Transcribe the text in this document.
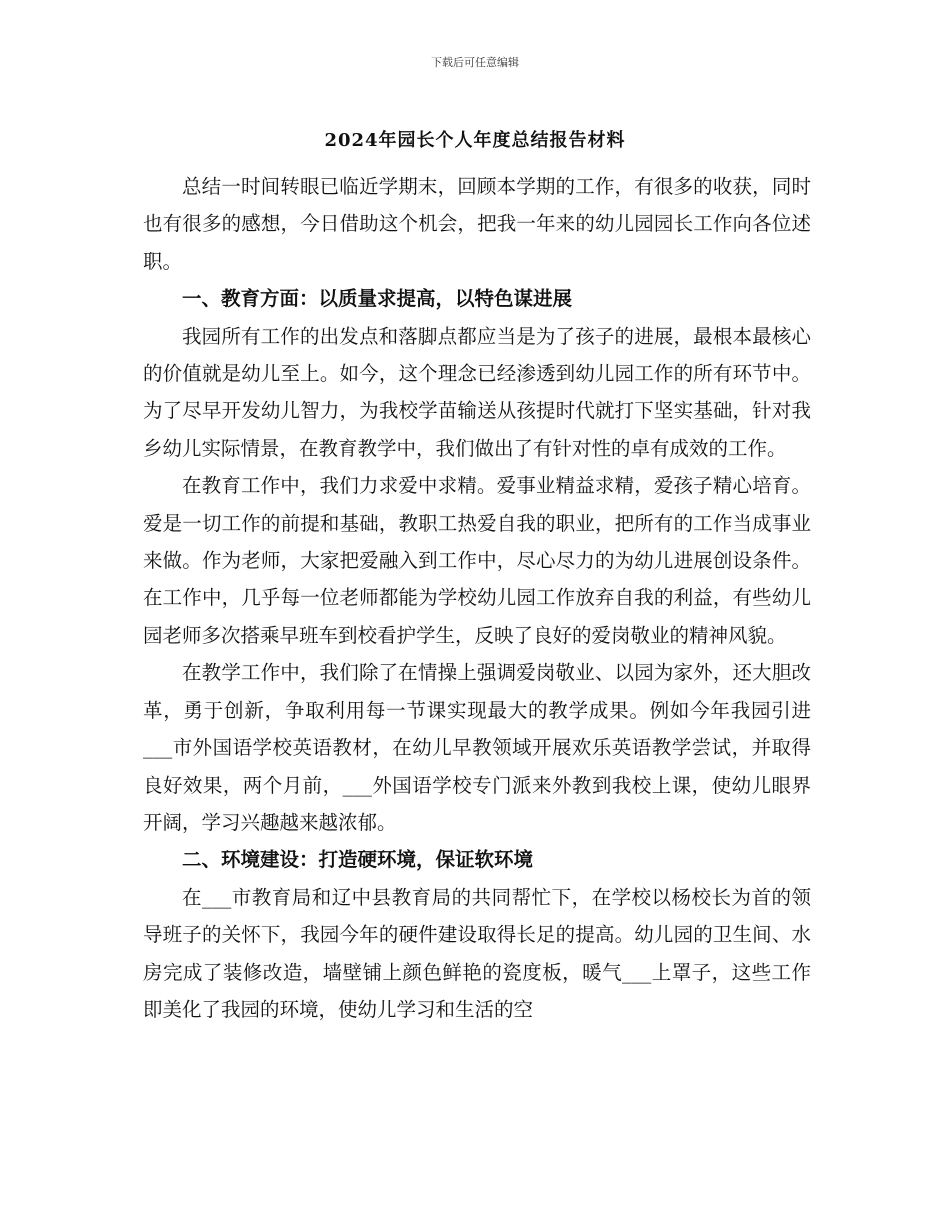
下载后可任意编辑
2024年园长个人年度总结报告材料

总结一时间转眼已临近学期末，回顾本学期的工作，有很多的收获，同时也有很多的感想，今日借助这个机会，把我一年来的幼儿园园长工作向各位述职。

一、教育方面：以质量求提高，以特色谋进展

我园所有工作的出发点和落脚点都应当是为了孩子的进展，最根本最核心的价值就是幼儿至上。如今，这个理念已经渗透到幼儿园工作的所有环节中。为了尽早开发幼儿智力，为我校学苗输送从孩提时代就打下坚实基础，针对我乡幼儿实际情景，在教育教学中，我们做出了有针对性的卓有成效的工作。

在教育工作中，我们力求爱中求精。爱事业精益求精，爱孩子精心培育。爱是一切工作的前提和基础，教职工热爱自我的职业，把所有的工作当成事业来做。作为老师，大家把爱融入到工作中，尽心尽力的为幼儿进展创设条件。在工作中，几乎每一位老师都能为学校幼儿园工作放弃自我的利益，有些幼儿园老师多次搭乘早班车到校看护学生，反映了良好的爱岗敬业的精神风貌。

在教学工作中，我们除了在情操上强调爱岗敬业、以园为家外，还大胆改革，勇于创新，争取利用每一节课实现最大的教学成果。例如今年我园引进___市外国语学校英语教材，在幼儿早教领域开展欢乐英语教学尝试，并取得良好效果，两个月前，___外国语学校专门派来外教到我校上课，使幼儿眼界开阔，学习兴趣越来越浓郁。

二、环境建设：打造硬环境，保证软环境

在___市教育局和辽中县教育局的共同帮忙下，在学校以杨校长为首的领导班子的关怀下，我园今年的硬件建设取得长足的提高。幼儿园的卫生间、水房完成了装修改造，墙壁铺上颜色鲜艳的瓷度板，暖气___上罩子，这些工作即美化了我园的环境，使幼儿学习和生活的空
